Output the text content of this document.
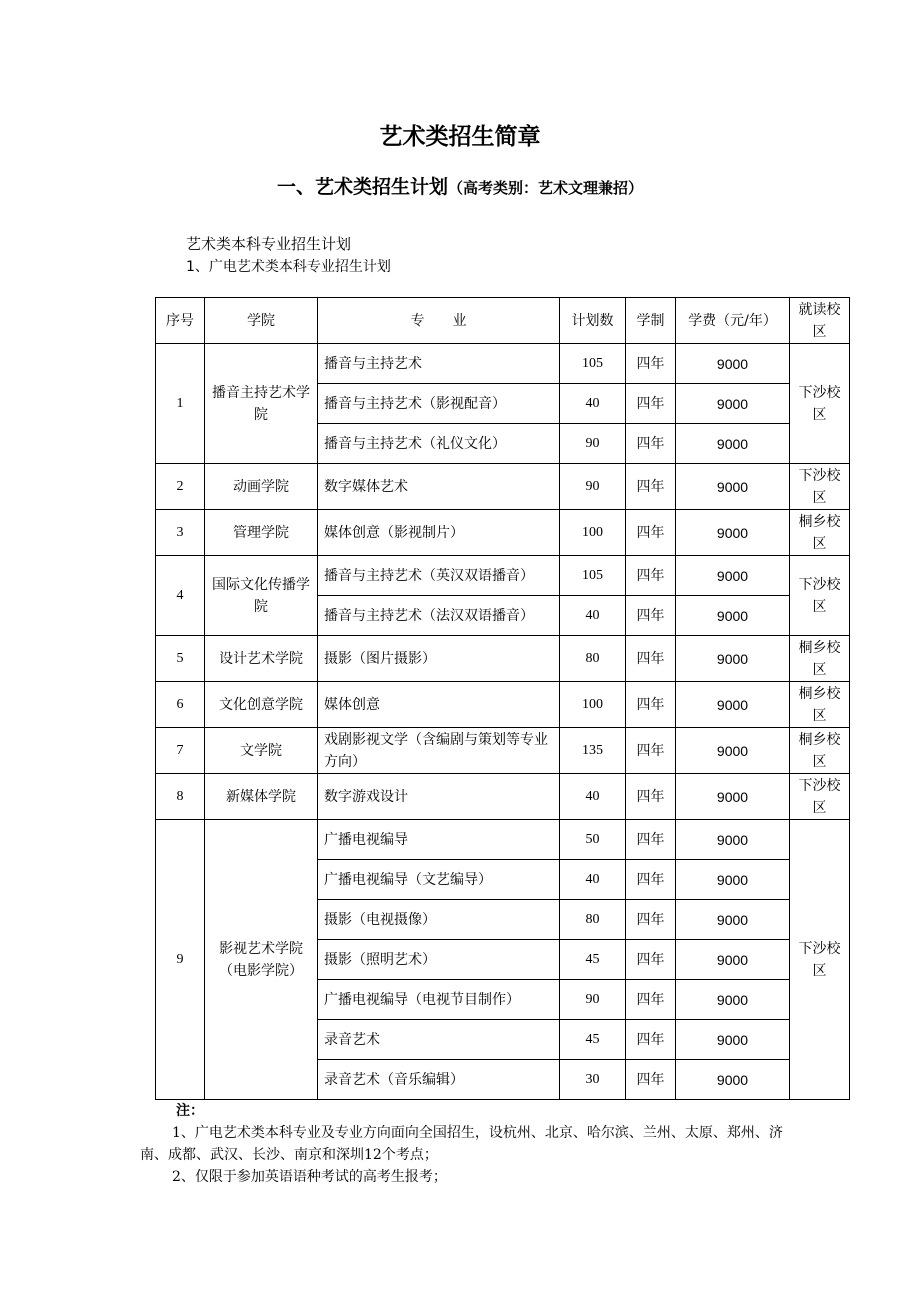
艺术类招生简章
一、艺术类招生计划（高考类别：艺术文理兼招）
艺术类本科专业招生计划
1、广电艺术类本科专业招生计划
序号	学院	专　　业	计划数	学制	学费（元/年）	就读校区
1	播音主持艺术学院	播音与主持艺术	105	四年	9000	下沙校区
		播音与主持艺术（影视配音）	40	四年	9000	
		播音与主持艺术（礼仪文化）	90	四年	9000	
2	动画学院	数字媒体艺术	90	四年	9000	下沙校区
3	管理学院	媒体创意（影视制片）	100	四年	9000	桐乡校区
4	国际文化传播学院	播音与主持艺术（英汉双语播音）	105	四年	9000	下沙校区
		播音与主持艺术（法汉双语播音）	40	四年	9000	
5	设计艺术学院	摄影（图片摄影）	80	四年	9000	桐乡校区
6	文化创意学院	媒体创意	100	四年	9000	桐乡校区
7	文学院	戏剧影视文学（含编剧与策划等专业方向）	135	四年	9000	桐乡校区
8	新媒体学院	数字游戏设计	40	四年	9000	下沙校区
9	影视艺术学院（电影学院）	广播电视编导	50	四年	9000	下沙校区
		广播电视编导（文艺编导）	40	四年	9000	
		摄影（电视摄像）	80	四年	9000	
		摄影（照明艺术）	45	四年	9000	
		广播电视编导（电视节目制作）	90	四年	9000	
		录音艺术	45	四年	9000	
		录音艺术（音乐编辑）	30	四年	9000	

注：

1、广电艺术类本科专业及专业方向面向全国招生，设杭州、北京、哈尔滨、兰州、太原、郑州、济南、成都、武汉、长沙、南京和深圳12个考点；

2、仅限于参加英语语种考试的高考生报考；
